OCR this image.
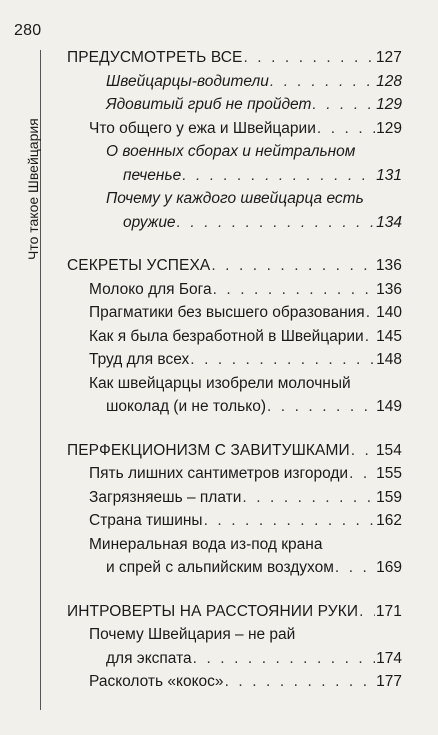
280
Что такое Швейцария
ПРЕДУСМОТРЕТЬ ВСЕ . . .	127
Швейцарцы-водители . . .	128
Ядовитый гриб не пройдет . . .	129
Что общего у ежа и Швейцарии . . .	129
О военных сборах и нейтральном
печенье . . .	131
Почему у каждого швейцарца есть
оружие . . .	134
СЕКРЕТЫ УСПЕХА . . .	136
Молоко для Бога . . .	136
Прагматики без высшего образования . . . 140
Как я была безработной в Швейцарии . . . 145
Труд для всех . . .	148
Как швейцарцы изобрели молочный
шоколад (и не только) . . .	149
ПЕРФЕКЦИОНИЗМ С ЗАВИТУШКАМИ . . . 154
Пять лишних сантиметров изгороди . . . 155
Загрязняешь – плати . . .	159
Страна тишины . . .	162
Минеральная вода из-под крана
и спрей с альпийским воздухом . . .	169
ИНТРОВЕРТЫ НА РАССТОЯНИИ РУКИ . . . 171
Почему Швейцария – не рай
для экспата . . .	174
Расколоть «кокос» . . .	177
